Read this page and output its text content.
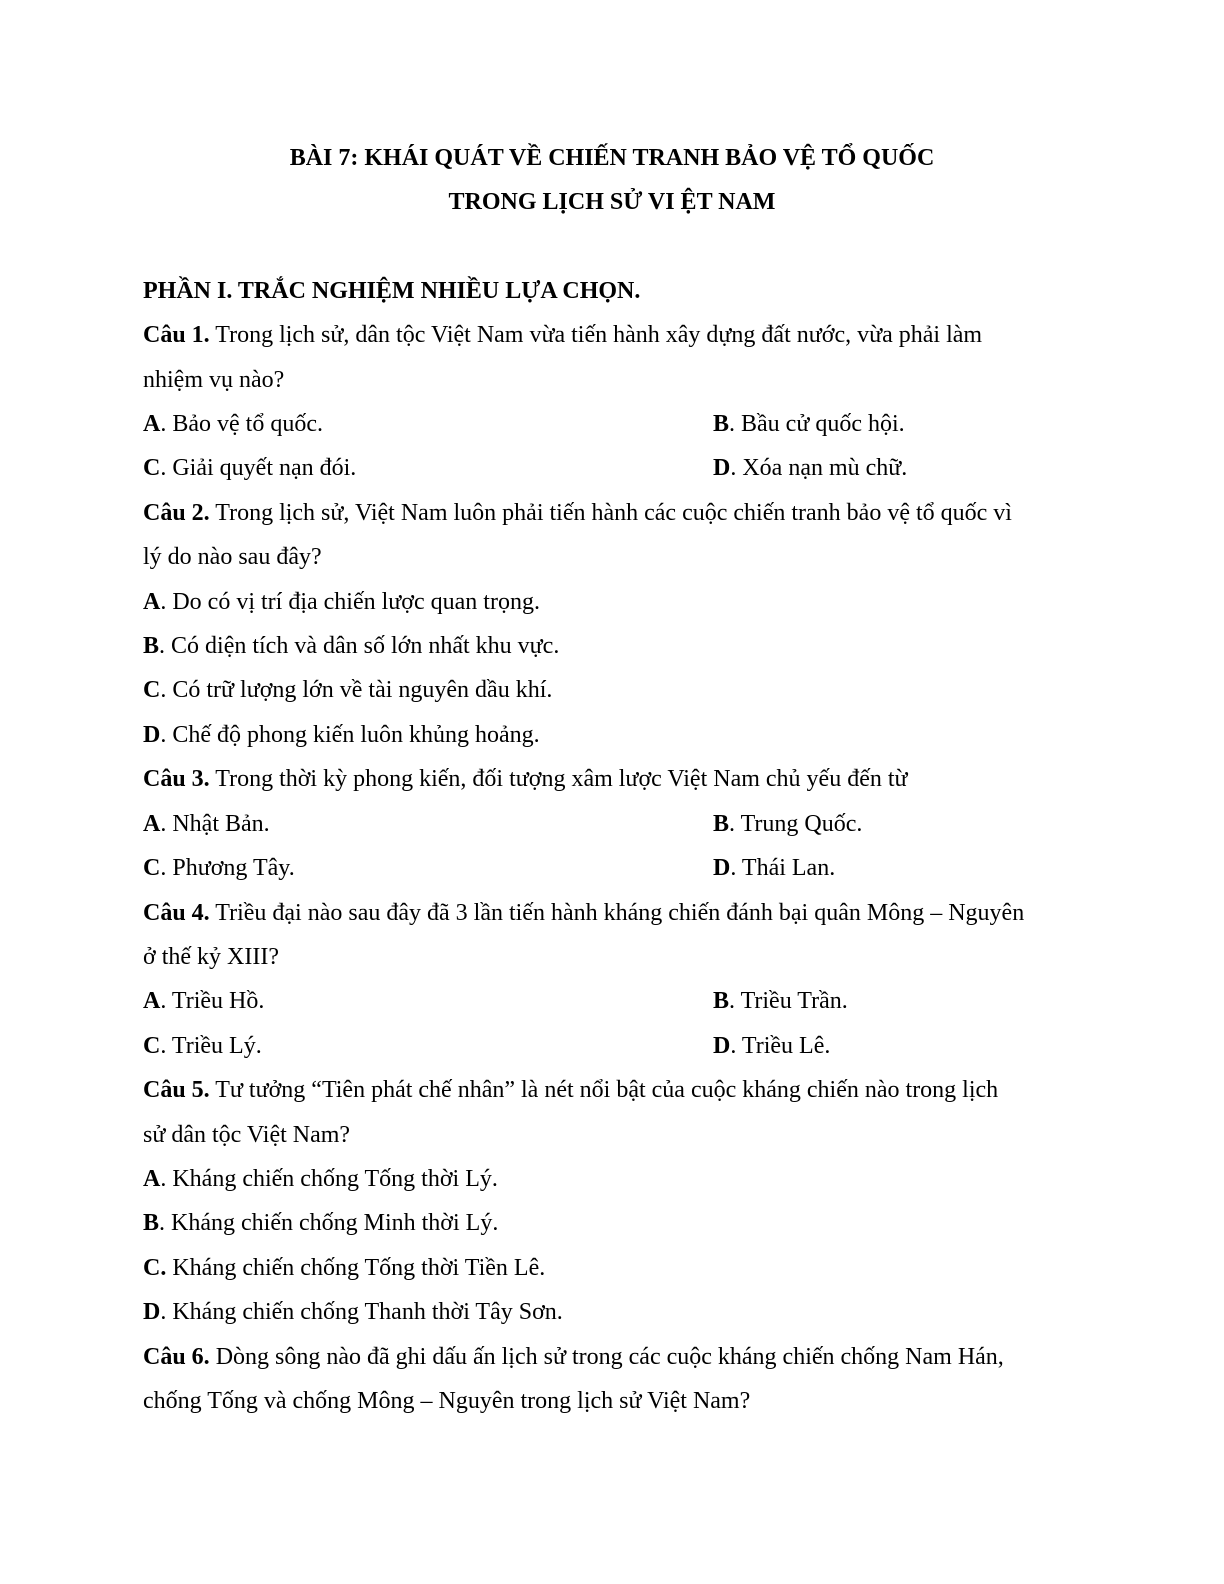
BÀI 7: KHÁI QUÁT VỀ CHIẾN TRANH BẢO VỆ TỔ QUỐC
TRONG LỊCH SỬ VI ỆT NAM
PHẦN I. TRẮC NGHIỆM NHIỀU LỰA CHỌN.
Câu 1. Trong lịch sử, dân tộc Việt Nam vừa tiến hành xây dựng đất nước, vừa phải làm
nhiệm vụ nào?
A. Bảo vệ tổ quốc.	B. Bầu cử quốc hội.
C. Giải quyết nạn đói.	D. Xóa nạn mù chữ.
Câu 2. Trong lịch sử, Việt Nam luôn phải tiến hành các cuộc chiến tranh bảo vệ tổ quốc vì
lý do nào sau đây?
A. Do có vị trí địa chiến lược quan trọng.
B. Có diện tích và dân số lớn nhất khu vực.
C. Có trữ lượng lớn về tài nguyên dầu khí.
D. Chế độ phong kiến luôn khủng hoảng.
Câu 3. Trong thời kỳ phong kiến, đối tượng xâm lược Việt Nam chủ yếu đến từ
A. Nhật Bản.	B. Trung Quốc.
C. Phương Tây.	D. Thái Lan.
Câu 4. Triều đại nào sau đây đã 3 lần tiến hành kháng chiến đánh bại quân Mông – Nguyên
ở thế kỷ XIII?
A. Triều Hồ.	B. Triều Trần.
C. Triều Lý.	D. Triều Lê.
Câu 5. Tư tưởng “Tiên phát chế nhân” là nét nổi bật của cuộc kháng chiến nào trong lịch
sử dân tộc Việt Nam?
A. Kháng chiến chống Tống thời Lý.
B. Kháng chiến chống Minh thời Lý.
C. Kháng chiến chống Tống thời Tiền Lê.
D. Kháng chiến chống Thanh thời Tây Sơn.
Câu 6. Dòng sông nào đã ghi dấu ấn lịch sử trong các cuộc kháng chiến chống Nam Hán,
chống Tống và chống Mông – Nguyên trong lịch sử Việt Nam?
